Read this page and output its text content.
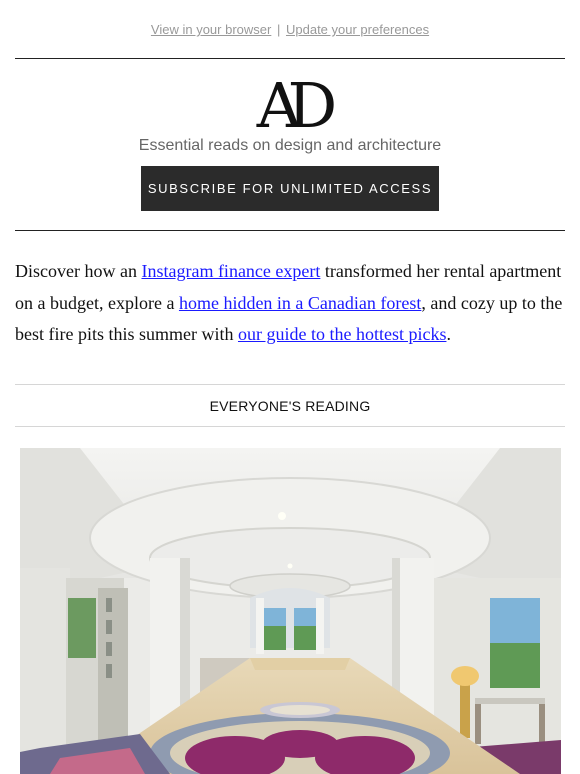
View in your browser | Update your preferences
AD
Essential reads on design and architecture
SUBSCRIBE FOR UNLIMITED ACCESS
Discover how an Instagram finance expert transformed her rental apartment on a budget, explore a home hidden in a Canadian forest, and cozy up to the best fire pits this summer with our guide to the hottest picks.
EVERYONE'S READING
